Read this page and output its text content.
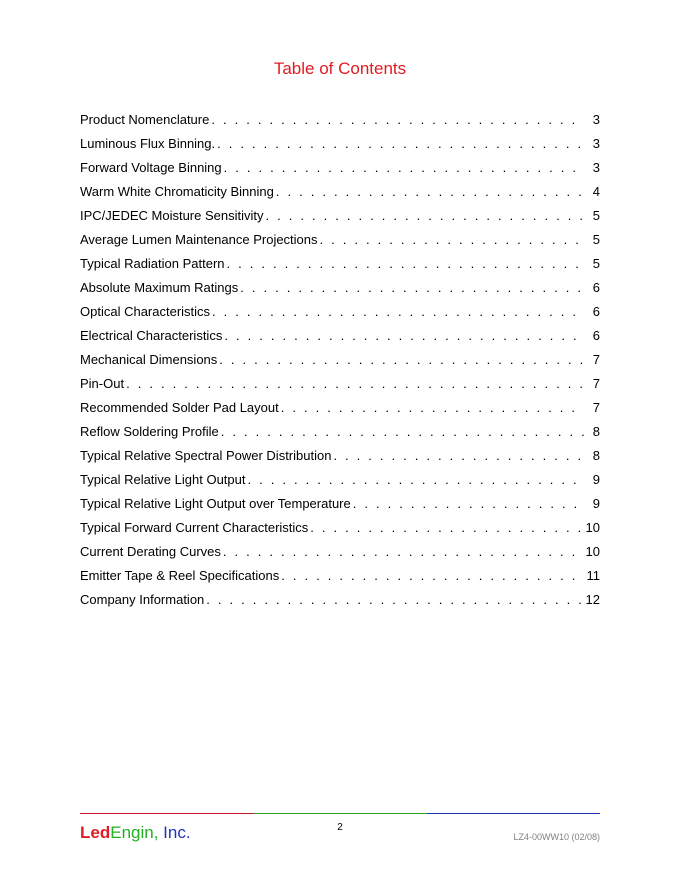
Table of Contents
Product Nomenclature . . .	3
Luminous Flux Binning. . . .	3
Forward Voltage Binning . . .	3
Warm White Chromaticity Binning . . .	4
IPC/JEDEC Moisture Sensitivity . . .	5
Average Lumen Maintenance Projections . . .	5
Typical Radiation Pattern . . .	5
Absolute Maximum Ratings . . .	6
Optical Characteristics . . .	6
Electrical Characteristics . . .	6
Mechanical Dimensions . . .	7
Pin-Out . . .	7
Recommended Solder Pad Layout . . .	7
Reflow Soldering Profile . . .	8
Typical Relative Spectral Power Distribution . . .	8
Typical Relative Light Output . . .	9
Typical Relative Light Output over Temperature . . .	9
Typical Forward Current Characteristics . . .	10
Current Derating Curves . . .	10
Emitter Tape & Reel Specifications . . .	11
Company Information . . .	12
LedEngin, Inc.	2
LZ4-00WW10 (02/08)
